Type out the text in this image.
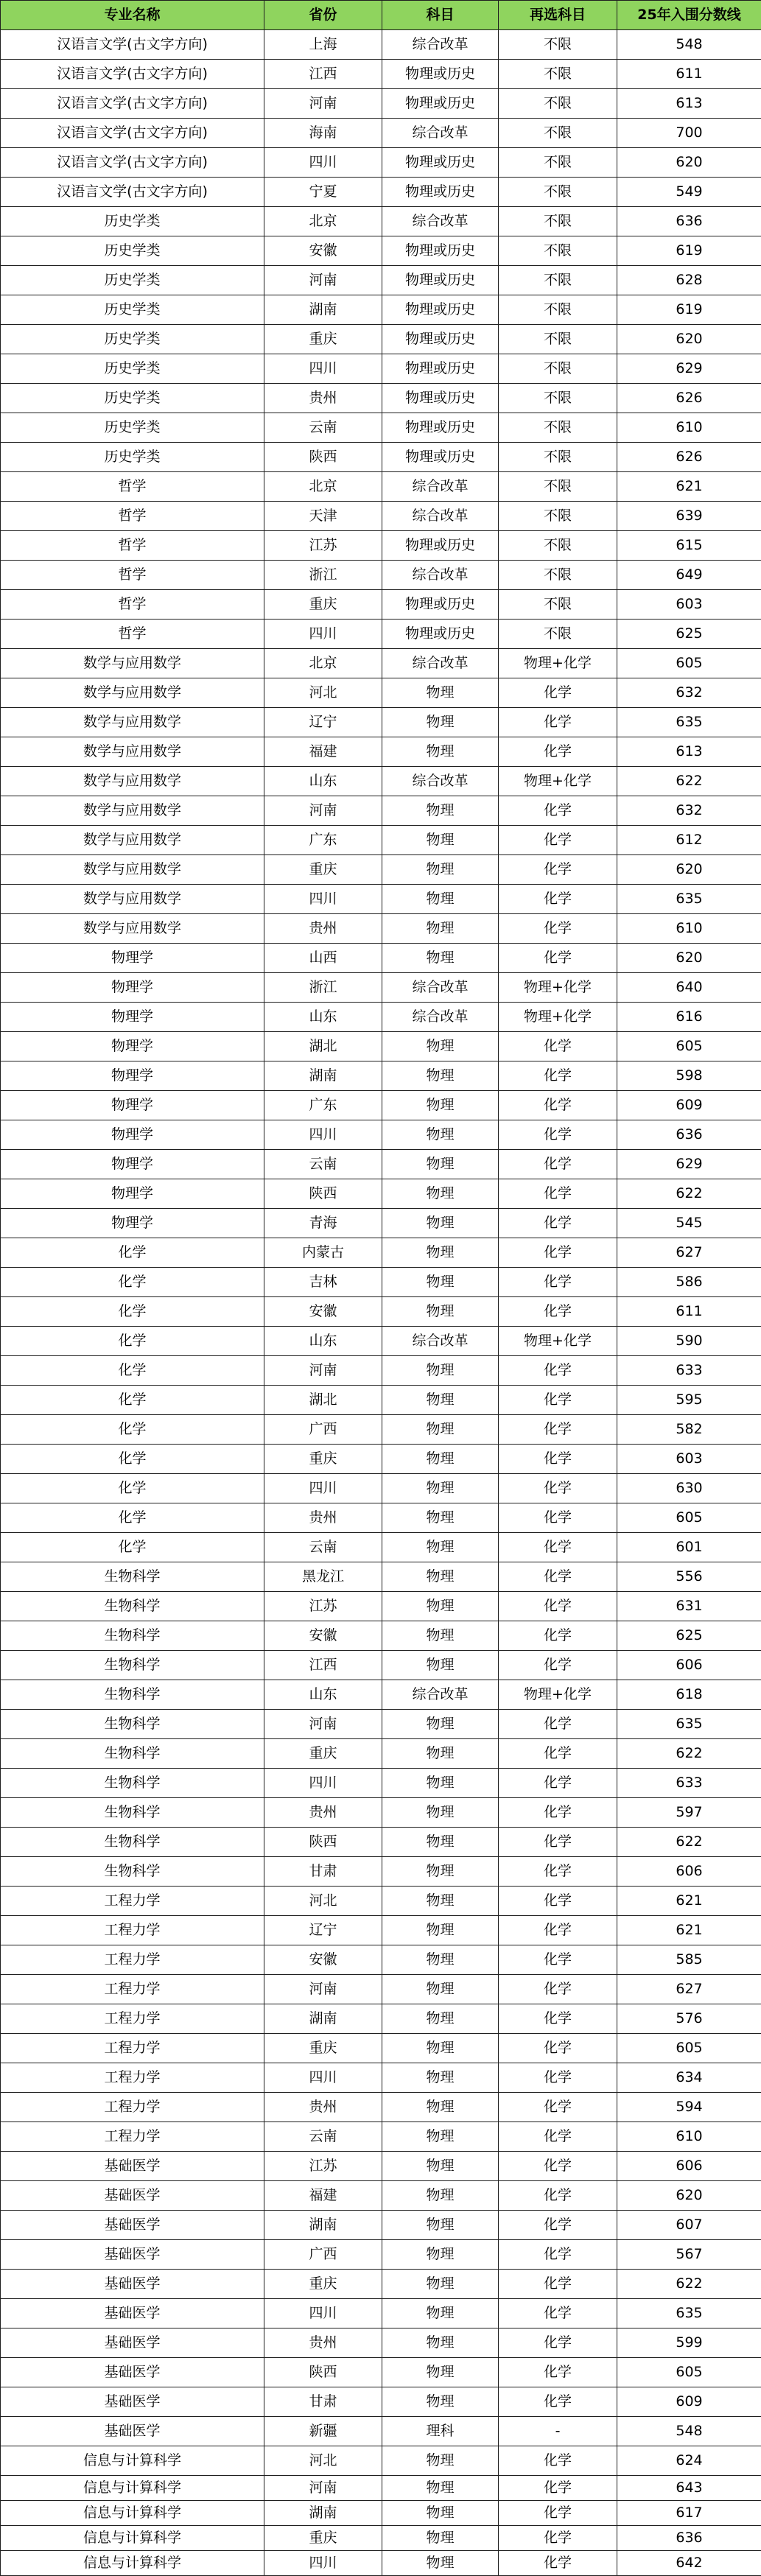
专业名称	省份	科目	再选科目	25年入围分数线
汉语言文学(古文字方向)	上海	综合改革	不限	548
汉语言文学(古文字方向)	江西	物理或历史	不限	611
汉语言文学(古文字方向)	河南	物理或历史	不限	613
汉语言文学(古文字方向)	海南	综合改革	不限	700
汉语言文学(古文字方向)	四川	物理或历史	不限	620
汉语言文学(古文字方向)	宁夏	物理或历史	不限	549
历史学类	北京	综合改革	不限	636
历史学类	安徽	物理或历史	不限	619
历史学类	河南	物理或历史	不限	628
历史学类	湖南	物理或历史	不限	619
历史学类	重庆	物理或历史	不限	620
历史学类	四川	物理或历史	不限	629
历史学类	贵州	物理或历史	不限	626
历史学类	云南	物理或历史	不限	610
历史学类	陕西	物理或历史	不限	626
哲学	北京	综合改革	不限	621
哲学	天津	综合改革	不限	639
哲学	江苏	物理或历史	不限	615
哲学	浙江	综合改革	不限	649
哲学	重庆	物理或历史	不限	603
哲学	四川	物理或历史	不限	625
数学与应用数学	北京	综合改革	物理+化学	605
数学与应用数学	河北	物理	化学	632
数学与应用数学	辽宁	物理	化学	635
数学与应用数学	福建	物理	化学	613
数学与应用数学	山东	综合改革	物理+化学	622
数学与应用数学	河南	物理	化学	632
数学与应用数学	广东	物理	化学	612
数学与应用数学	重庆	物理	化学	620
数学与应用数学	四川	物理	化学	635
数学与应用数学	贵州	物理	化学	610
物理学	山西	物理	化学	620
物理学	浙江	综合改革	物理+化学	640
物理学	山东	综合改革	物理+化学	616
物理学	湖北	物理	化学	605
物理学	湖南	物理	化学	598
物理学	广东	物理	化学	609
物理学	四川	物理	化学	636
物理学	云南	物理	化学	629
物理学	陕西	物理	化学	622
物理学	青海	物理	化学	545
化学	内蒙古	物理	化学	627
化学	吉林	物理	化学	586
化学	安徽	物理	化学	611
化学	山东	综合改革	物理+化学	590
化学	河南	物理	化学	633
化学	湖北	物理	化学	595
化学	广西	物理	化学	582
化学	重庆	物理	化学	603
化学	四川	物理	化学	630
化学	贵州	物理	化学	605
化学	云南	物理	化学	601
生物科学	黑龙江	物理	化学	556
生物科学	江苏	物理	化学	631
生物科学	安徽	物理	化学	625
生物科学	江西	物理	化学	606
生物科学	山东	综合改革	物理+化学	618
生物科学	河南	物理	化学	635
生物科学	重庆	物理	化学	622
生物科学	四川	物理	化学	633
生物科学	贵州	物理	化学	597
生物科学	陕西	物理	化学	622
生物科学	甘肃	物理	化学	606
工程力学	河北	物理	化学	621
工程力学	辽宁	物理	化学	621
工程力学	安徽	物理	化学	585
工程力学	河南	物理	化学	627
工程力学	湖南	物理	化学	576
工程力学	重庆	物理	化学	605
工程力学	四川	物理	化学	634
工程力学	贵州	物理	化学	594
工程力学	云南	物理	化学	610
基础医学	江苏	物理	化学	606
基础医学	福建	物理	化学	620
基础医学	湖南	物理	化学	607
基础医学	广西	物理	化学	567
基础医学	重庆	物理	化学	622
基础医学	四川	物理	化学	635
基础医学	贵州	物理	化学	599
基础医学	陕西	物理	化学	605
基础医学	甘肃	物理	化学	609
基础医学	新疆	理科	-	548
信息与计算科学	河北	物理	化学	624
信息与计算科学	河南	物理	化学	643
信息与计算科学	湖南	物理	化学	617
信息与计算科学	重庆	物理	化学	636
信息与计算科学	四川	物理	化学	642
